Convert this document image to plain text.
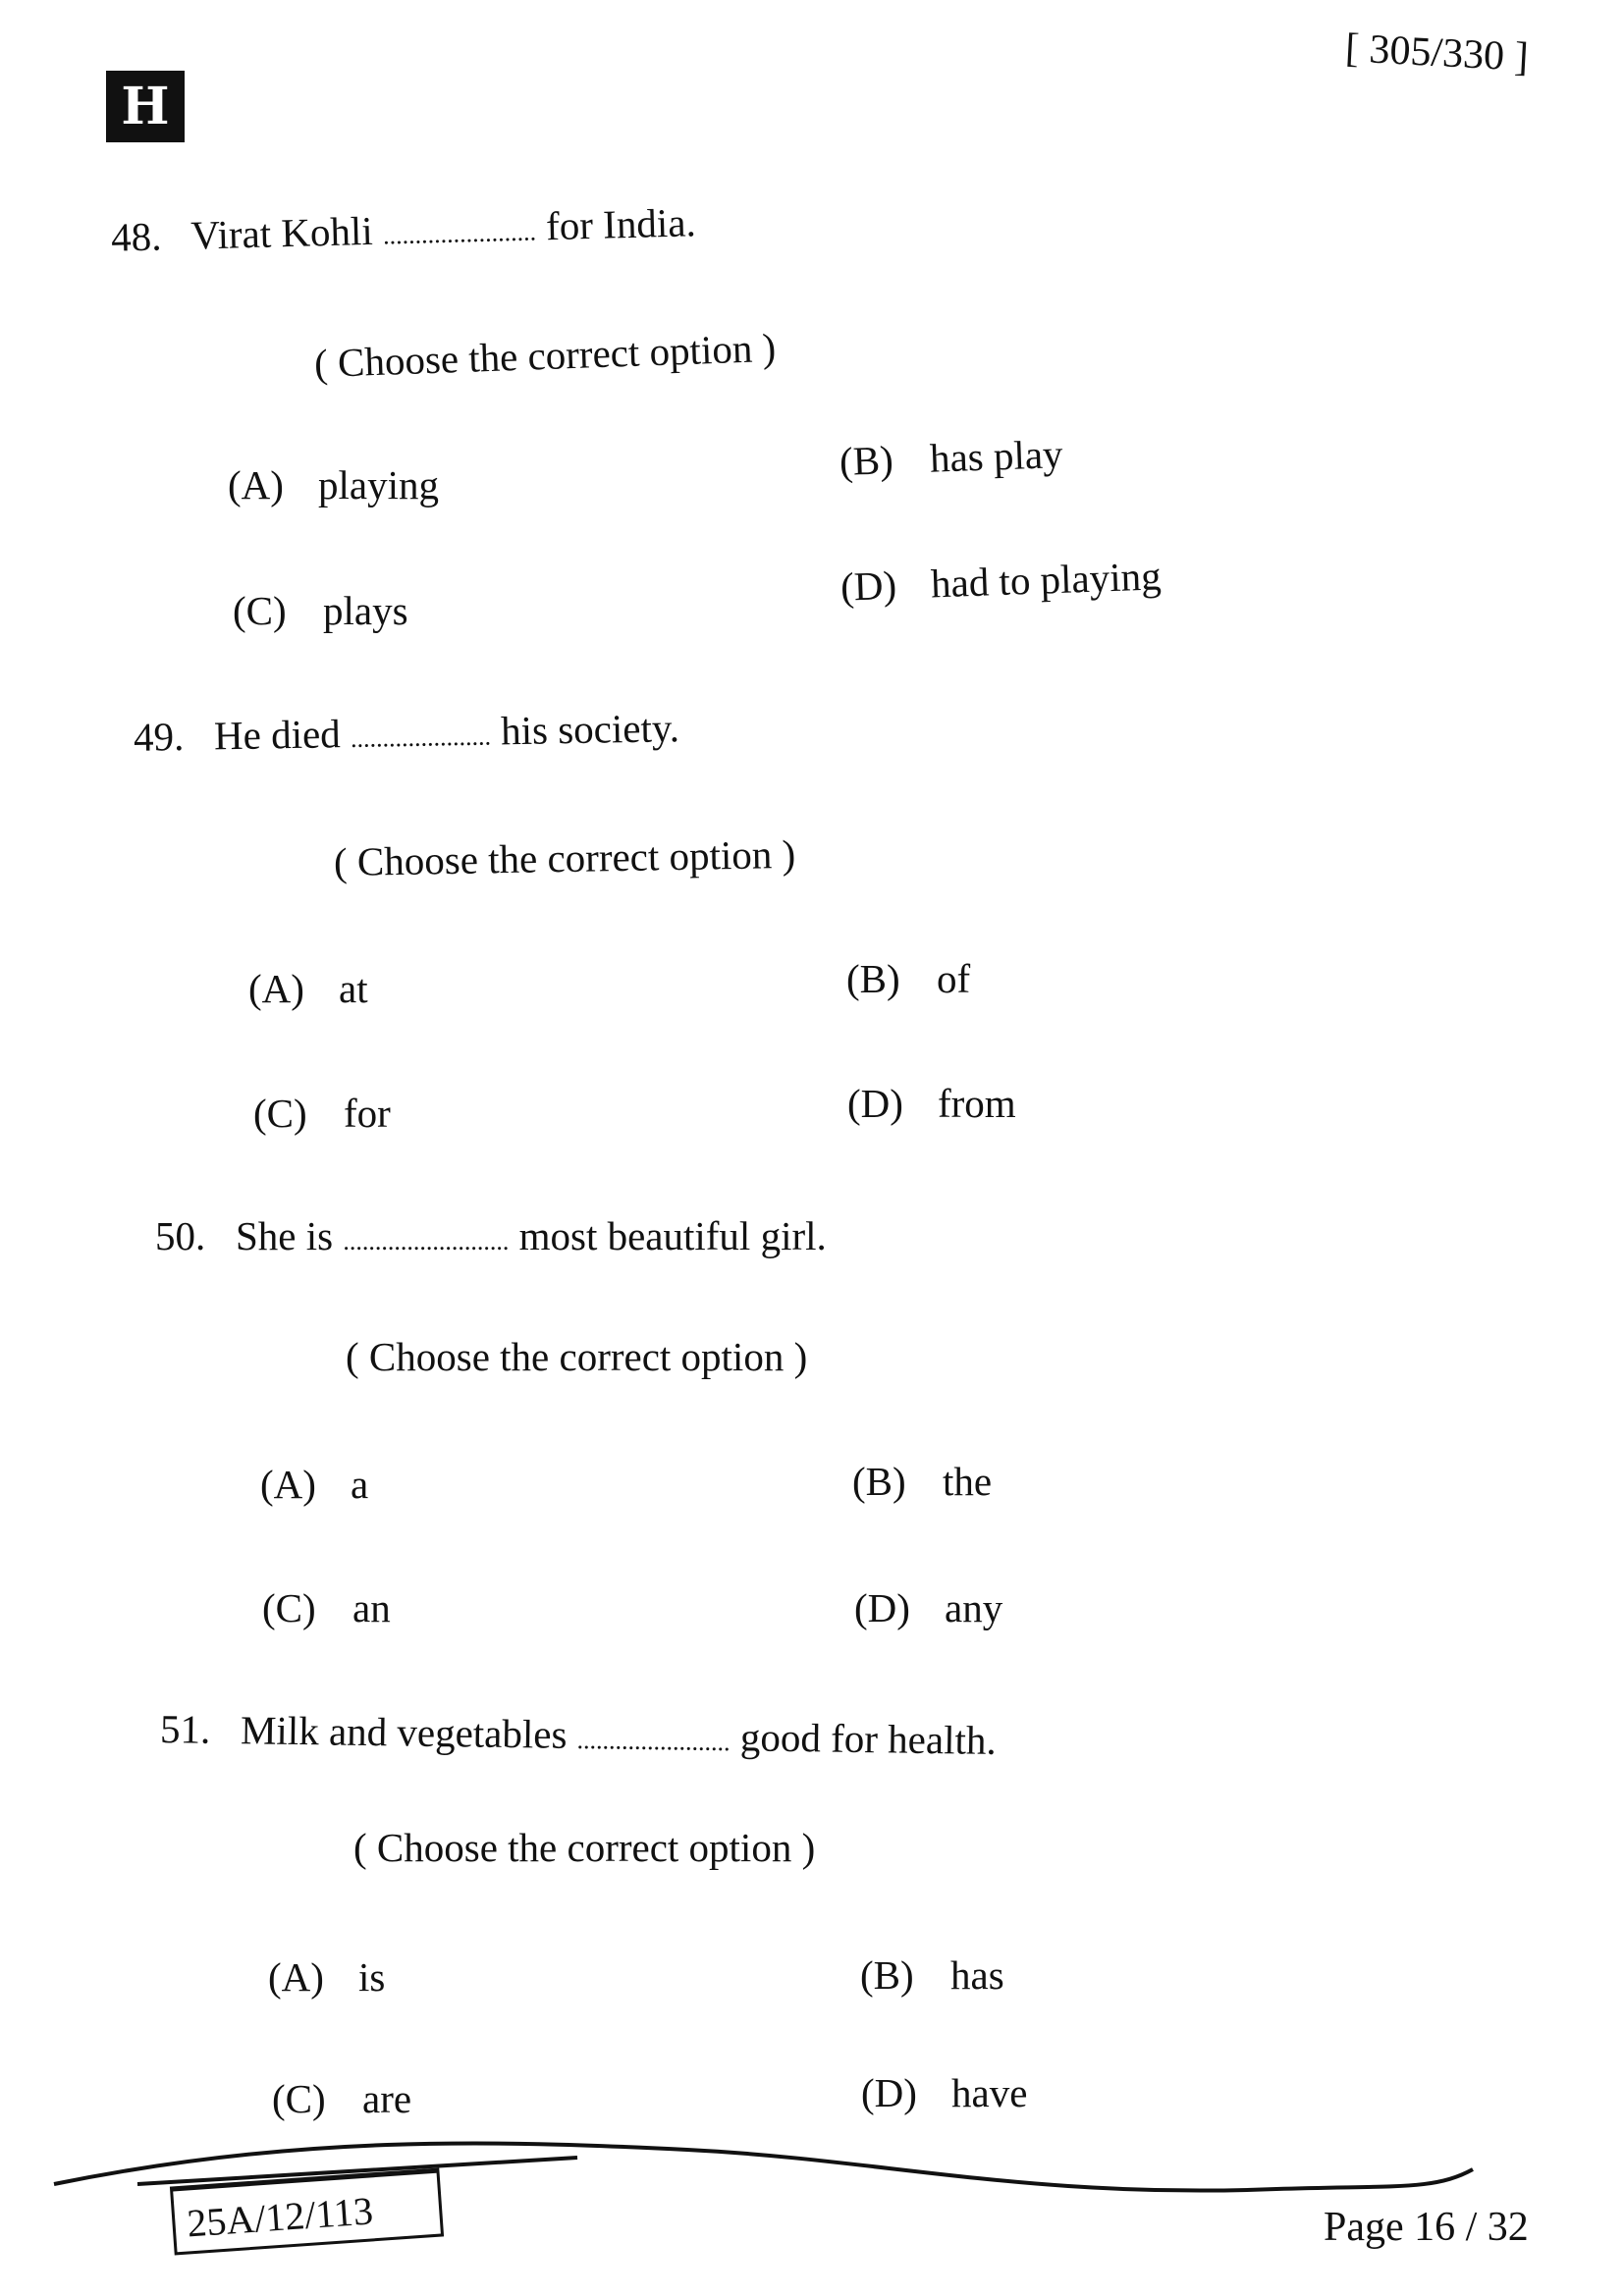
H
[ 305/330 ]
48. Virat Kohli ........................ for India.
( Choose the correct option )
(A) playing
(B) has play
(C) plays
(D) had to playing
49. He died ...................... his society.
( Choose the correct option )
(A) at	(B) of
(C) for	(D) from
50. She is .......................... most beautiful girl.
( Choose the correct option )
(A) a	(B) the
(C) an	(D) any
51. Milk and vegetables ........................ good for health.
( Choose the correct option )
(A) is	(B) has
(C) are	(D) have
25A/12/113	Page 16 / 32
